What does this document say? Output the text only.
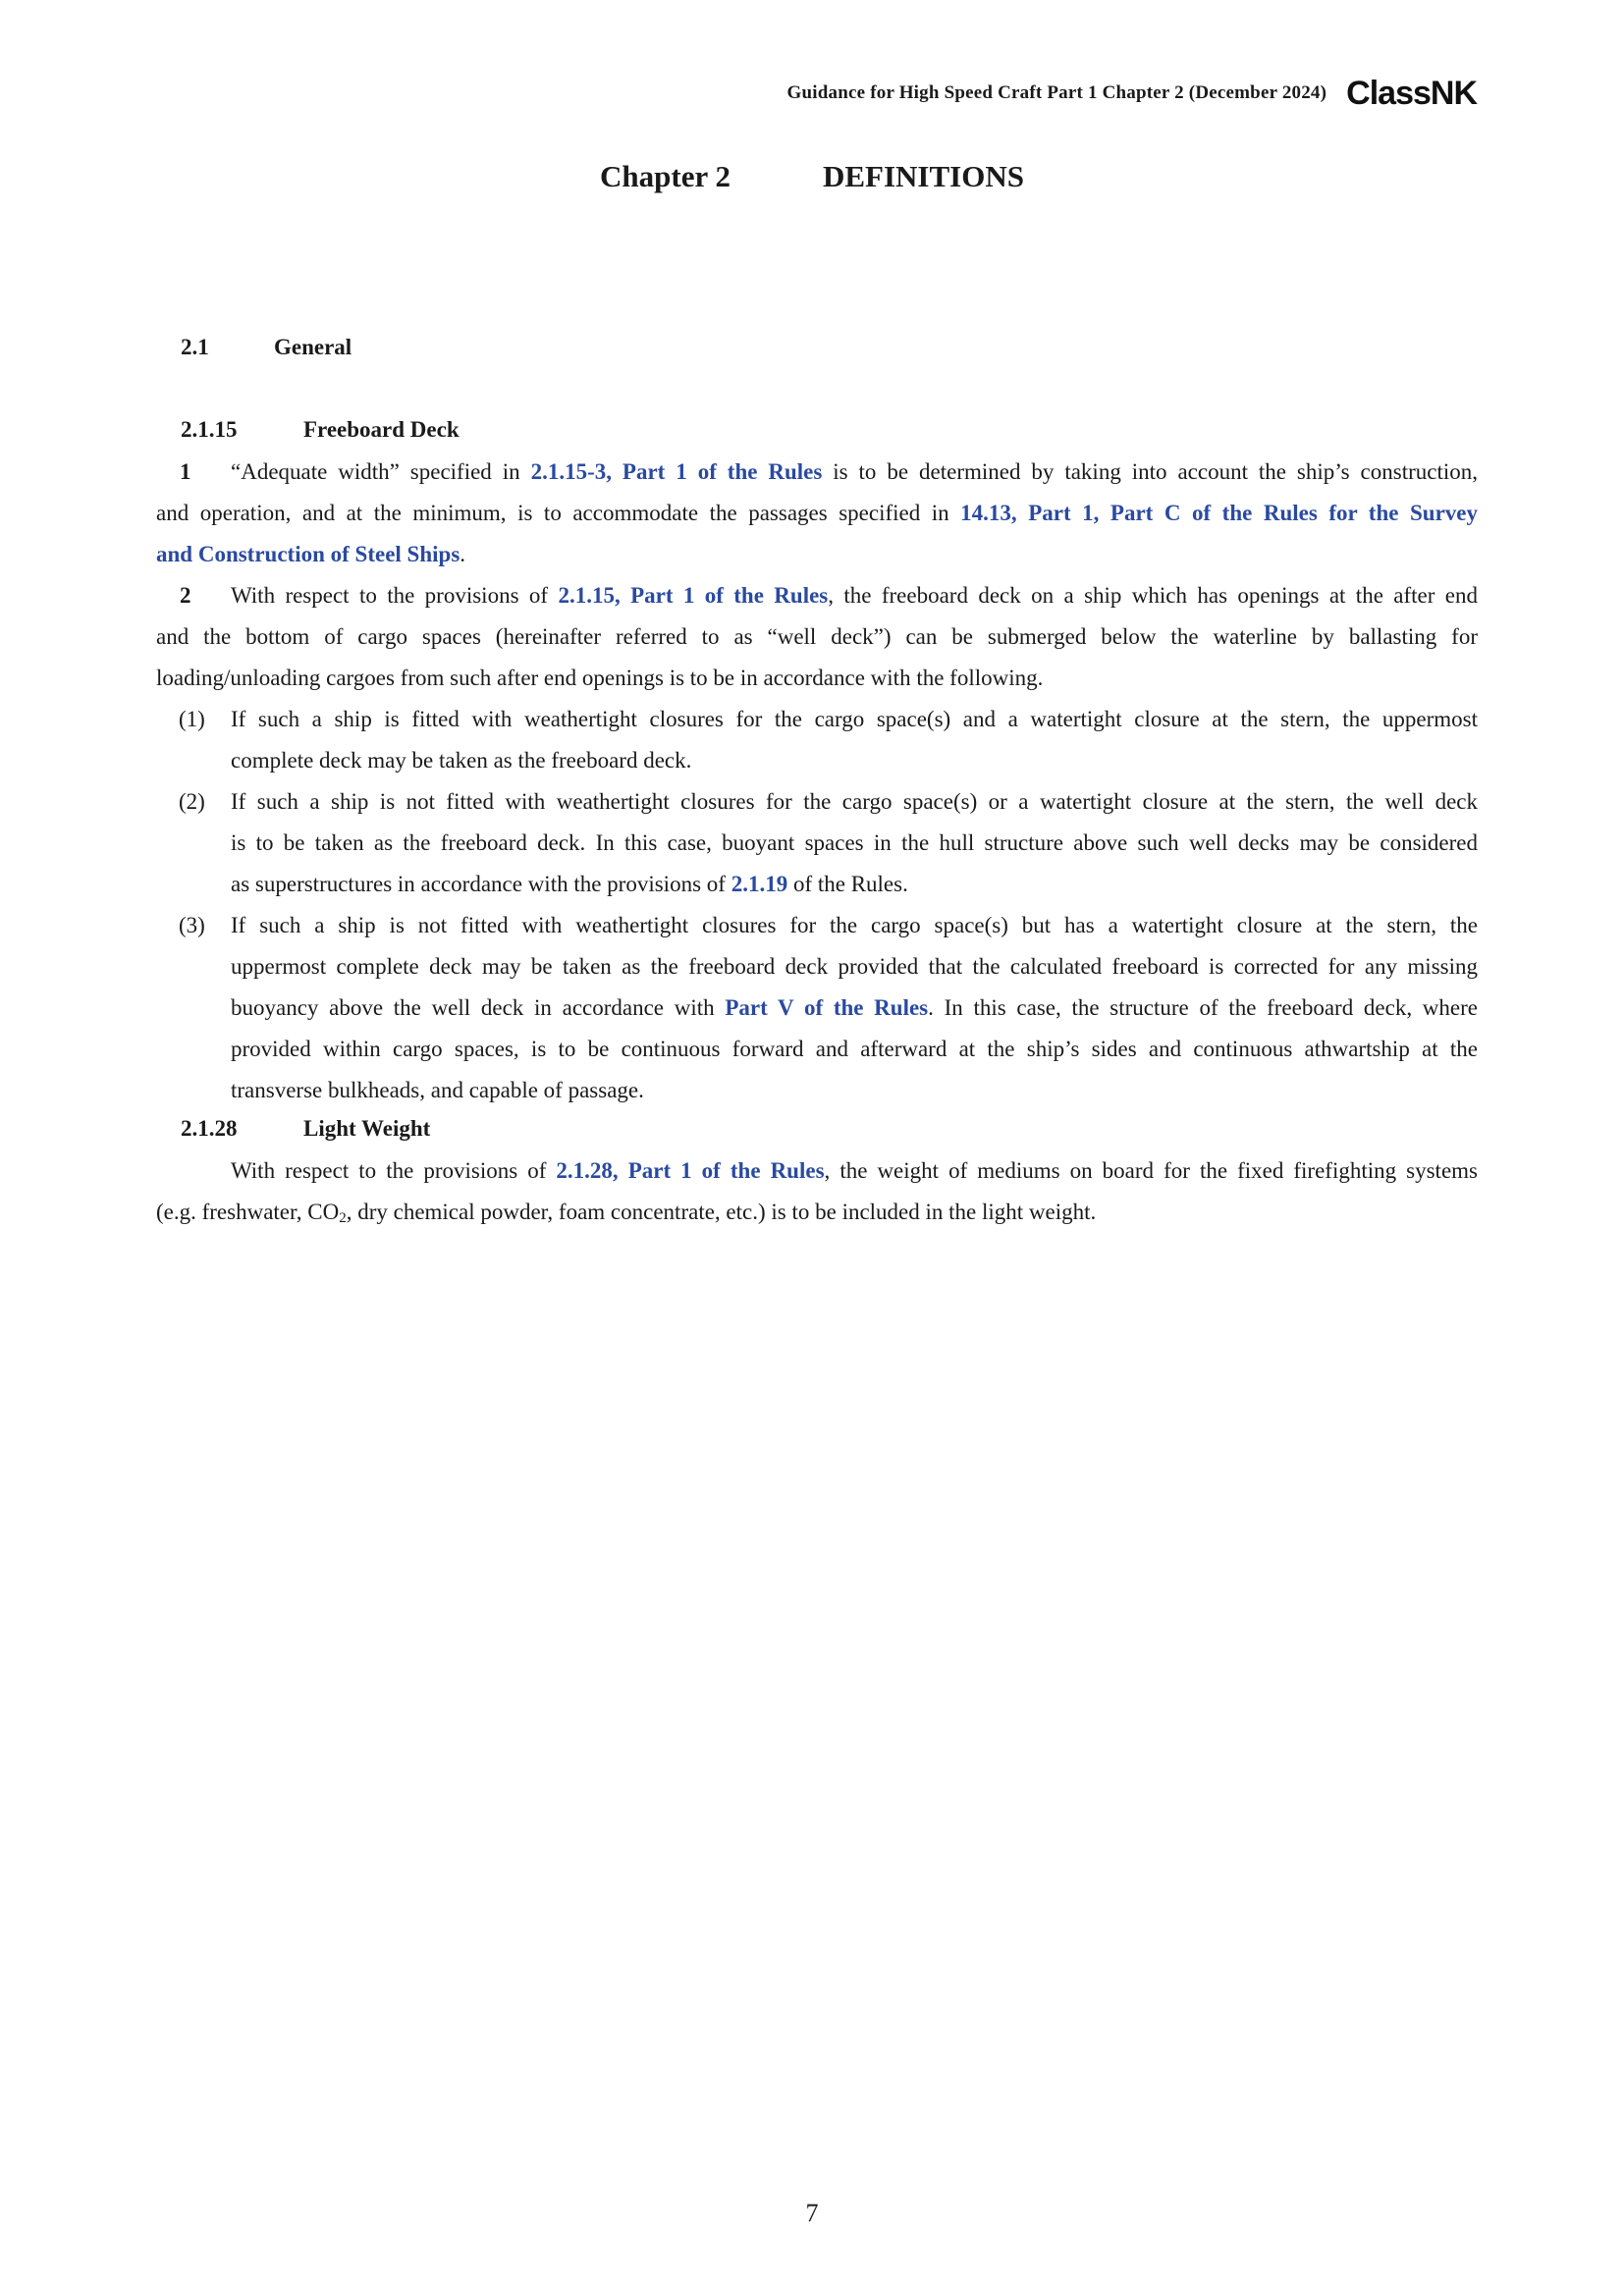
Guidance for High Speed Craft Part 1 Chapter 2 (December 2024) ClassNK
Chapter 2	DEFINITIONS
2.1	General
2.1.15	Freeboard Deck
1 “Adequate width” specified in 2.1.15-3, Part 1 of the Rules is to be determined by taking into account the ship’s construction,
and operation, and at the minimum, is to accommodate the passages specified in 14.13, Part 1, Part C of the Rules for the Survey
and Construction of Steel Ships.
2 With respect to the provisions of 2.1.15, Part 1 of the Rules, the freeboard deck on a ship which has openings at the after end
and the bottom of cargo spaces (hereinafter referred to as “well deck”) can be submerged below the waterline by ballasting for
loading/unloading cargoes from such after end openings is to be in accordance with the following.
(1)	If such a ship is fitted with weathertight closures for the cargo space(s) and a watertight closure at the stern, the uppermost
complete deck may be taken as the freeboard deck.
(2)	If such a ship is not fitted with weathertight closures for the cargo space(s) or a watertight closure at the stern, the well deck
is to be taken as the freeboard deck. In this case, buoyant spaces in the hull structure above such well decks may be considered
as superstructures in accordance with the provisions of 2.1.19 of the Rules.
(3)	If such a ship is not fitted with weathertight closures for the cargo space(s) but has a watertight closure at the stern, the
uppermost complete deck may be taken as the freeboard deck provided that the calculated freeboard is corrected for any missing
buoyancy above the well deck in accordance with Part V of the Rules. In this case, the structure of the freeboard deck, where
provided within cargo spaces, is to be continuous forward and afterward at the ship’s sides and continuous athwartship at the
transverse bulkheads, and capable of passage.
2.1.28	Light Weight
With respect to the provisions of 2.1.28, Part 1 of the Rules, the weight of mediums on board for the fixed firefighting systems
(e.g. freshwater, $CO_2$, dry chemical powder, foam concentrate, etc.) is to be included in the light weight.
7
